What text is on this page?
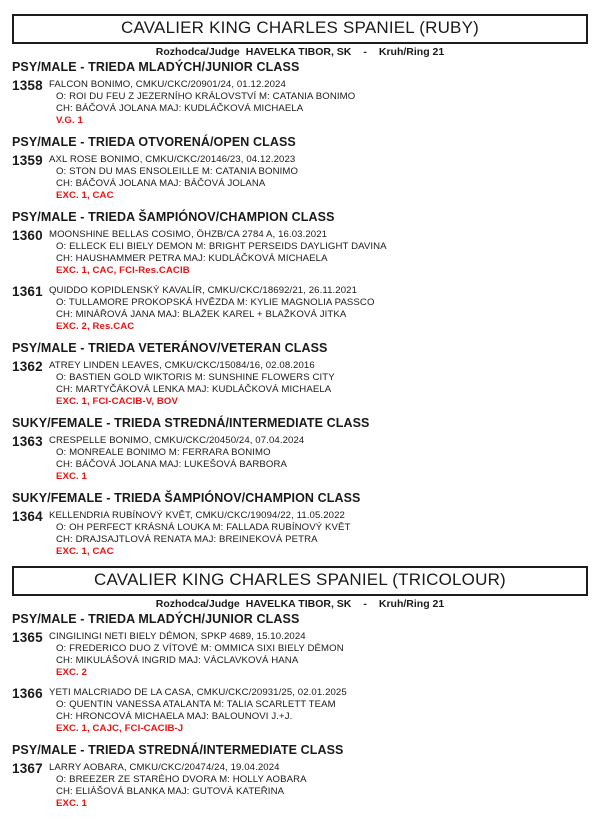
CAVALIER KING CHARLES SPANIEL (RUBY)
Rozhodca/Judge HAVELKA TIBOR, SK - Kruh/Ring 21
PSY/MALE - TRIEDA MLADÝCH/JUNIOR CLASS
1358 FALCON BONIMO, CMKU/CKC/20901/24, 01.12.2024
O: ROI DU FEU Z JEZERNÍHO KRÁLOVSTVÍ M: CATANIA BONIMO
CH: BÁČOVÁ JOLANA MAJ: KUDLÁČKOVÁ MICHAELA
V.G. 1
PSY/MALE - TRIEDA OTVORENÁ/OPEN CLASS
1359 AXL ROSE BONIMO, CMKU/CKC/20146/23, 04.12.2023
O: STON DU MAS ENSOLEILLE M: CATANIA BONIMO
CH: BÁČOVÁ JOLANA MAJ: BÁČOVÁ JOLANA
EXC. 1, CAC
PSY/MALE - TRIEDA ŠAMPIÓNOV/CHAMPION CLASS
1360 MOONSHINE BELLAS COSIMO, ÖHZB/CA 2784 A, 16.03.2021
O: ELLECK ELI BIELY DEMON M: BRIGHT PERSEIDS DAYLIGHT DAVINA
CH: HAUSHAMMER PETRA MAJ: KUDLÁČKOVÁ MICHAELA
EXC. 1, CAC, FCI-Res.CACIB
1361 QUIDDO KOPIDLENSKÝ KAVALÍR, CMKU/CKC/18692/21, 26.11.2021
O: TULLAMORE PROKOPSKÁ HVĚZDA M: KYLIE MAGNOLIA PASSCO
CH: MINÁŘOVÁ JANA MAJ: BLAŽEK KAREL + BLAŽKOVÁ JITKA
EXC. 2, Res.CAC
PSY/MALE - TRIEDA VETERÁNOV/VETERAN CLASS
1362 ATREY LINDEN LEAVES, CMKU/CKC/15084/16, 02.08.2016
O: BASTIEN GOLD WIKTORIS M: SUNSHINE FLOWERS CITY
CH: MARTYČÁKOVÁ LENKA MAJ: KUDLÁČKOVÁ MICHAELA
EXC. 1, FCI-CACIB-V, BOV
SUKY/FEMALE - TRIEDA STREDNÁ/INTERMEDIATE CLASS
1363 CRESPELLE BONIMO, CMKU/CKC/20450/24, 07.04.2024
O: MONREALE BONIMO M: FERRARA BONIMO
CH: BÁČOVÁ JOLANA MAJ: LUKEŠOVÁ BARBORA
EXC. 1
SUKY/FEMALE - TRIEDA ŠAMPIÓNOV/CHAMPION CLASS
1364 KELLENDRIA RUBÍNOVÝ KVĚT, CMKU/CKC/19094/22, 11.05.2022
O: OH PERFECT KRÁSNÁ LOUKA M: FALLADA RUBÍNOVÝ KVĚT
CH: DRAJSAJTLOVÁ RENATA MAJ: BREINEKOVÁ PETRA
EXC. 1, CAC
CAVALIER KING CHARLES SPANIEL (TRICOLOUR)
Rozhodca/Judge HAVELKA TIBOR, SK - Kruh/Ring 21
PSY/MALE - TRIEDA MLADÝCH/JUNIOR CLASS
1365 CINGILINGI NETI BIELY DÉMON, SPKP 4689, 15.10.2024
O: FREDERICO DUO Z VÍTOVÉ M: OMMICA SIXI BIELY DÉMON
CH: MIKULÁŠOVÁ INGRID MAJ: VÁCLAVKOVÁ HANA
EXC. 2
1366 YETI MALCRIADO DE LA CASA, CMKU/CKC/20931/25, 02.01.2025
O: QUENTIN VANESSA ATALANTA M: TALIA SCARLETT TEAM
CH: HRONCOVÁ MICHAELA MAJ: BALOUNOVI J.+J.
EXC. 1, CAJC, FCI-CACIB-J
PSY/MALE - TRIEDA STREDNÁ/INTERMEDIATE CLASS
1367 LARRY AOBARA, CMKU/CKC/20474/24, 19.04.2024
O: BREEZER ZE STARÉHO DVORA M: HOLLY AOBARA
CH: ELIÁŠOVÁ BLANKA MAJ: GUTOVÁ KATEŘINA
EXC. 1
